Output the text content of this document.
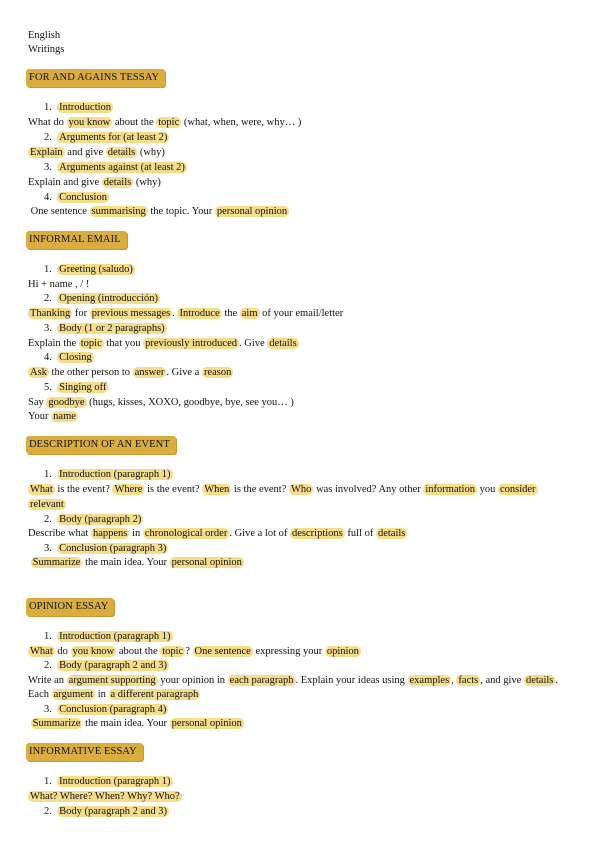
English
Writings
FOR AND AGAINS TESSAY
1.  Introduction
What do you know about the topic (what, when, were, why… )
2.  Arguments for (at least 2)
Explain and give details (why)
3.  Arguments against (at least 2)
Explain and give details (why)
4.  Conclusion
One sentence summarising the topic. Your personal opinion
INFORMAL EMAIL
1.  Greeting (saludo)
Hi + name , / !
2.  Opening (introducción)
Thanking for previous messages . Introduce the aim of your email/letter
3.  Body (1 or 2 paragraphs)
Explain the topic that you previously introduced . Give details
4.  Closing
Ask the other person to answer . Give a reason
5.  Singing off
Say goodbye (hugs, kisses, XOXO, goodbye, bye, see you… )
Your name
DESCRIPTION OF AN EVENT
1.  Introduction (paragraph 1)
What is the event? Where is the event? When is the event? Who was involved? Any other information you consider
relevant
2.  Body (paragraph 2)
Describe what happens in chronological order . Give a lot of descriptions full of details
3.  Conclusion (paragraph 3)
Summarize the main idea. Your personal opinion
OPINION ESSAY
1.  Introduction (paragraph 1)
What do you know about the topic ? One sentence expressing your opinion
2.  Body (paragraph 2 and 3)
Write an argument supporting your opinion in each paragraph . Explain your ideas using examples , facts , and give details .
Each argument in a different paragraph
3.  Conclusion (paragraph 4)
Summarize the main idea. Your personal opinion
INFORMATIVE ESSAY
1.  Introduction (paragraph 1)
What? Where? When? Why? Who?
2.  Body (paragraph 2 and 3)
